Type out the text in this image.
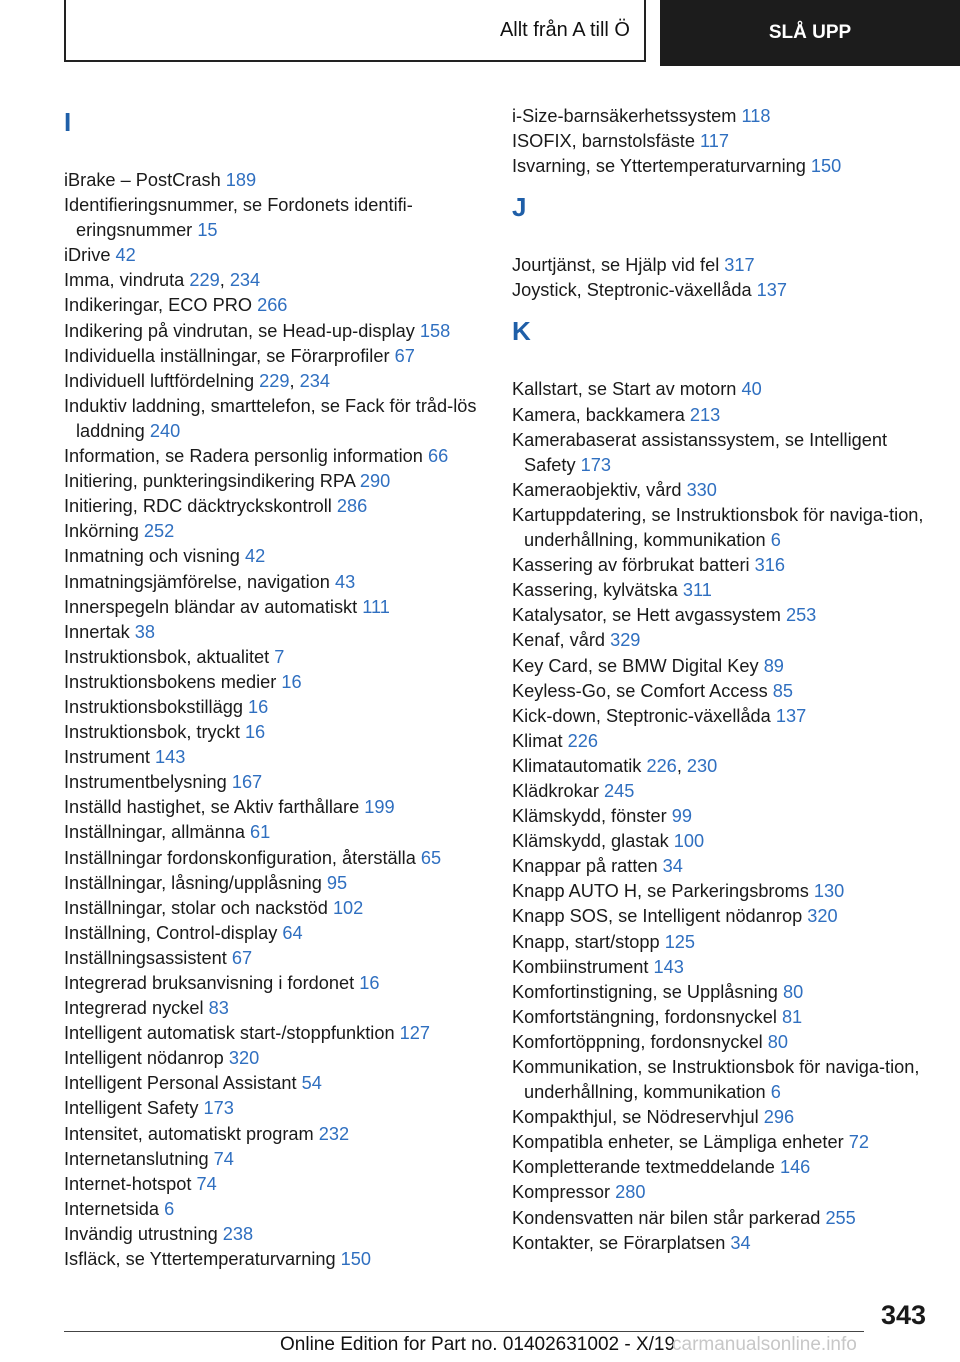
Allt från A till Ö	SLÅ UPP
I
iBrake – PostCrash 189
Identifieringsnummer, se Fordonets identifi‐eringsnummer 15
iDrive 42
Imma, vindruta 229, 234
Indikeringar, ECO PRO 266
Indikering på vindrutan, se Head-up-display 158
Individuella inställningar, se Förarprofiler 67
Individuell luftfördelning 229, 234
Induktiv laddning, smarttelefon, se Fack för tråd‐lös laddning 240
Information, se Radera personlig information 66
Initiering, punkteringsindikering RPA 290
Initiering, RDC däcktryckskontroll 286
Inkörning 252
Inmatning och visning 42
Inmatningsjämförelse, navigation 43
Innerspegeln bländar av automatiskt 111
Innertak 38
Instruktionsbok, aktualitet 7
Instruktionsbokens medier 16
Instruktionsbokstillägg 16
Instruktionsbok, tryckt 16
Instrument 143
Instrumentbelysning 167
Inställd hastighet, se Aktiv farthållare 199
Inställningar, allmänna 61
Inställningar fordonskonfiguration, återställa 65
Inställningar, låsning/upplåsning 95
Inställningar, stolar och nackstöd 102
Inställning, Control-display 64
Inställningsassistent 67
Integrerad bruksanvisning i fordonet 16
Integrerad nyckel 83
Intelligent automatisk start-/stoppfunktion 127
Intelligent nödanrop 320
Intelligent Personal Assistant 54
Intelligent Safety 173
Intensitet, automatiskt program 232
Internetanslutning 74
Internet-hotspot 74
Internetsida 6
Invändig utrustning 238
Isfläck, se Yttertemperaturvarning 150
i-Size-barnsäkerhetssystem 118
ISOFIX, barnstolsfäste 117
Isvarning, se Yttertemperaturvarning 150
J
Jourtjänst, se Hjälp vid fel 317
Joystick, Steptronic-växellåda 137
K
Kallstart, se Start av motorn 40
Kamera, backkamera 213
Kamerabaserat assistanssystem, se Intelligent Safety 173
Kameraobjektiv, vård 330
Kartuppdatering, se Instruktionsbok för naviga‐tion, underhållning, kommunikation 6
Kassering av förbrukat batteri 316
Kassering, kylvätska 311
Katalysator, se Hett avgassystem 253
Kenaf, vård 329
Key Card, se BMW Digital Key 89
Keyless-Go, se Comfort Access 85
Kick-down, Steptronic-växellåda 137
Klimat 226
Klimatautomatik 226, 230
Klädkrokar 245
Klämskydd, fönster 99
Klämskydd, glastak 100
Knappar på ratten 34
Knapp AUTO H, se Parkeringsbroms 130
Knapp SOS, se Intelligent nödanrop 320
Knapp, start/stopp 125
Kombiinstrument 143
Komfortinstigning, se Upplåsning 80
Komfortstängning, fordonsnyckel 81
Komfortöppning, fordonsnyckel 80
Kommunikation, se Instruktionsbok för naviga‐tion, underhållning, kommunikation 6
Kompakthjul, se Nödreservhjul 296
Kompatibla enheter, se Lämpliga enheter 72
Kompletterande textmeddelande 146
Kompressor 280
Kondensvatten när bilen står parkerad 255
Kontakter, se Förarplatsen 34
343
Online Edition for Part no. 01402631002 - X/19
carmanualsonline.info
